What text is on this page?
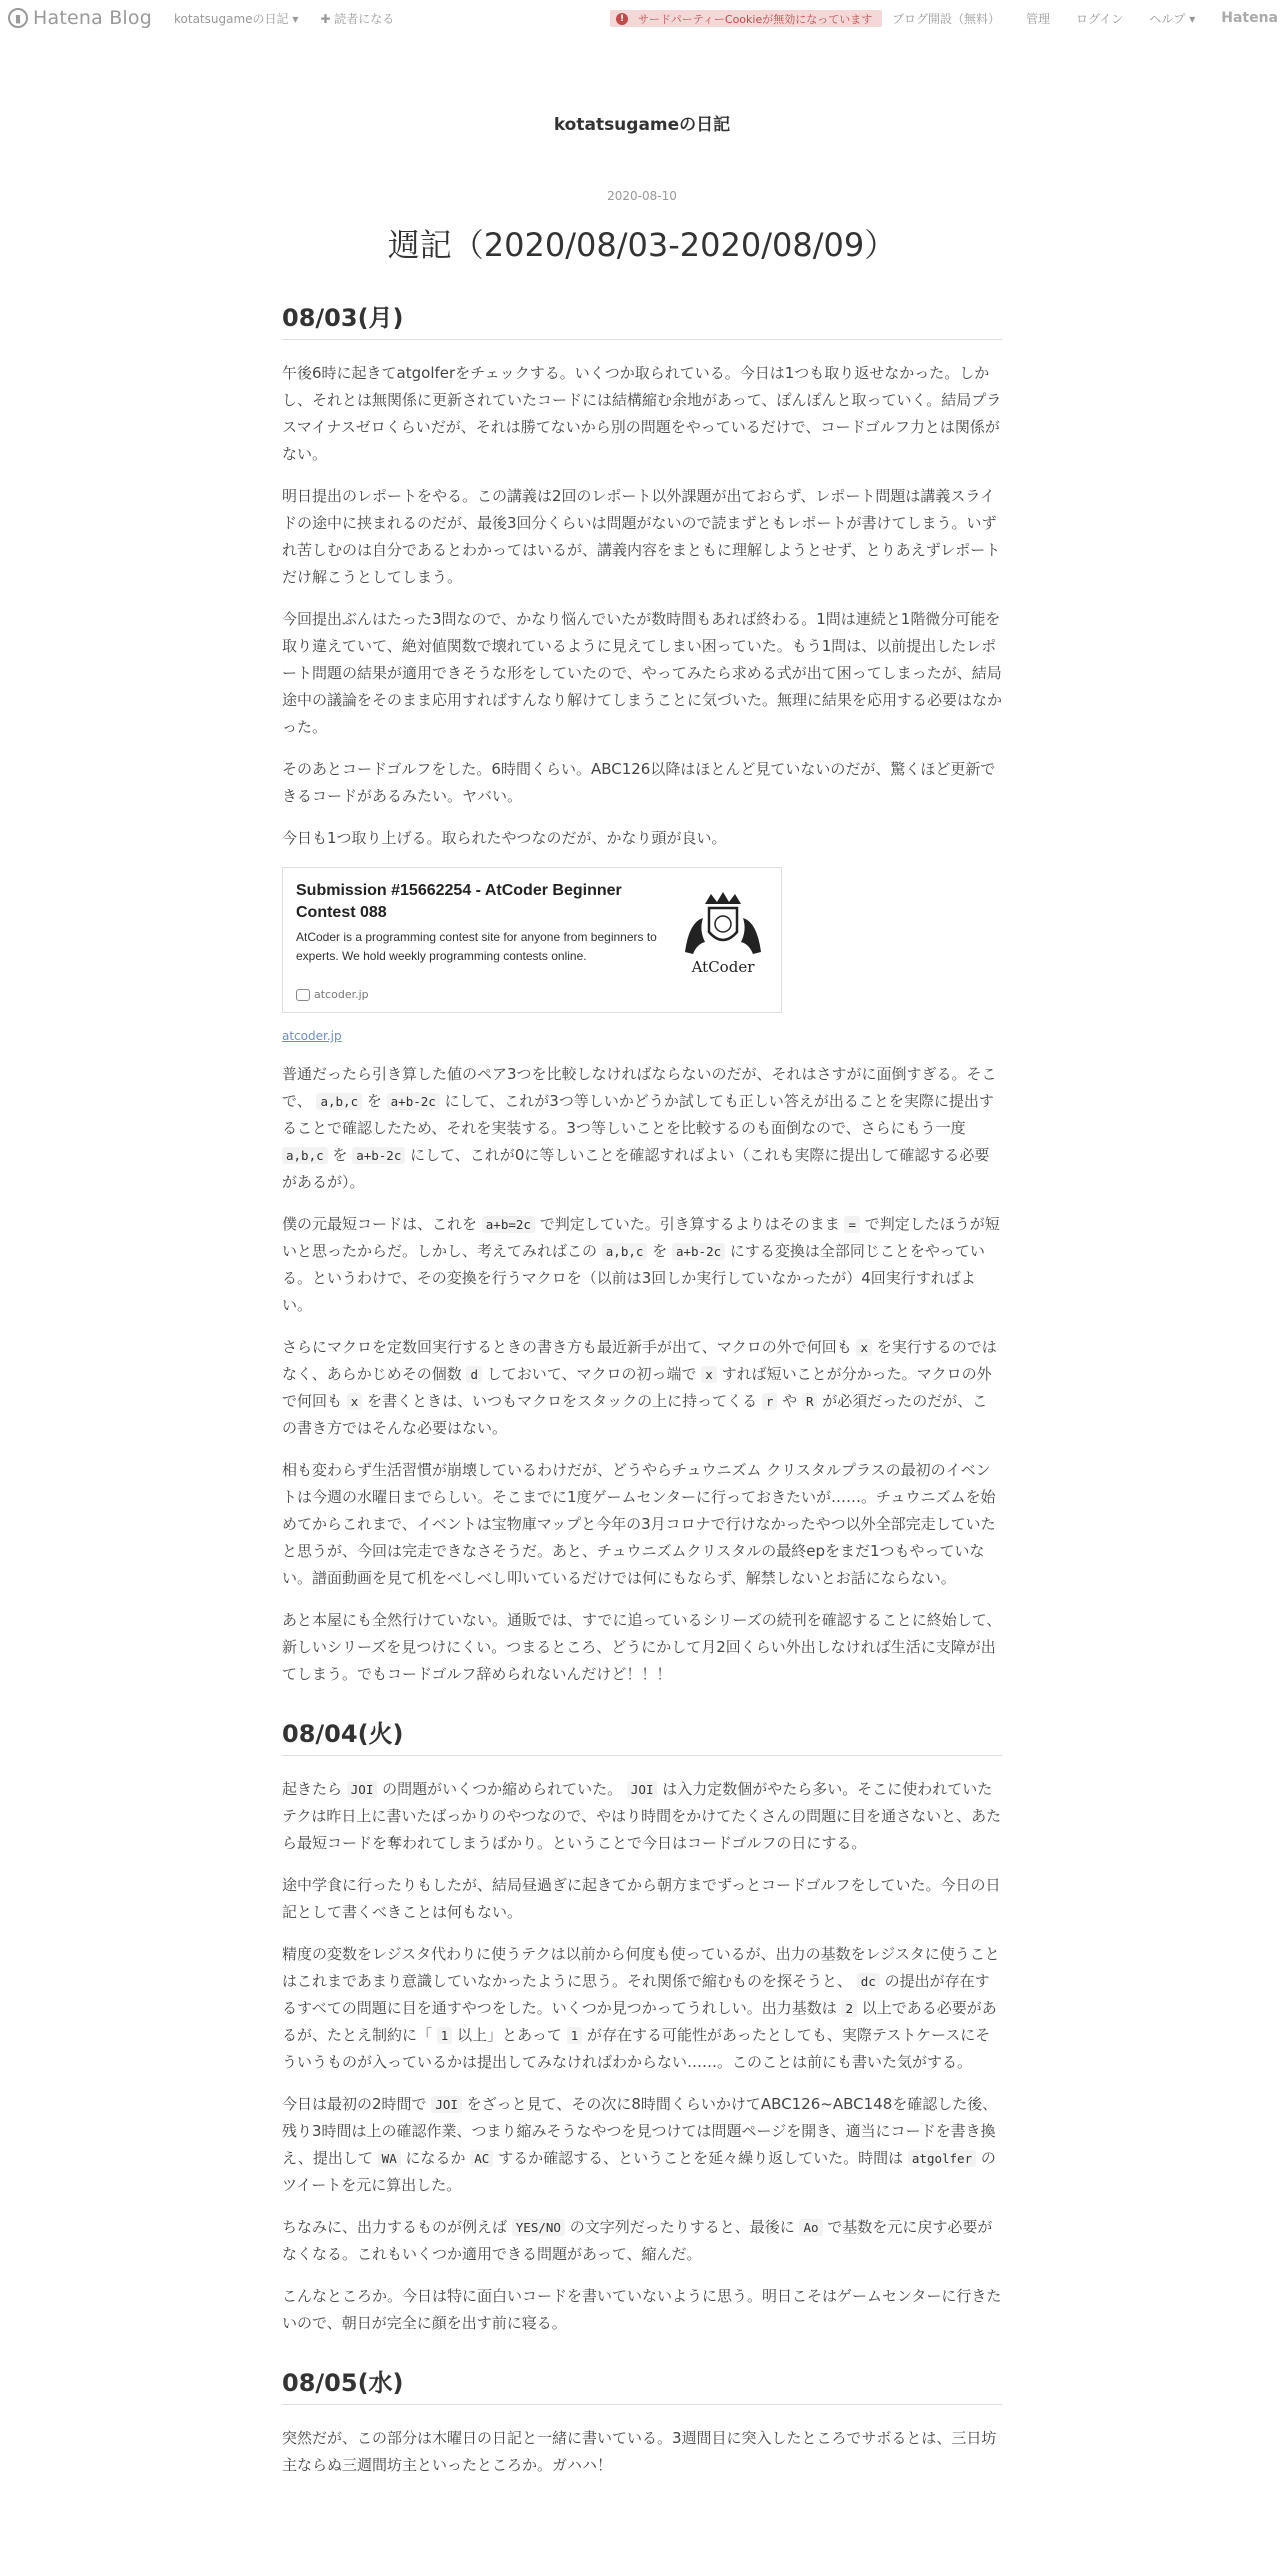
▮ Hatena Blog kotatsugameの日記 ▾ ✚ 読者になる	!	サードパーティーCookieが無効になっています ブログ開設（無料） 管理 ログイン ヘルプ ▾ Hatena
kotatsugameの日記
2020-08-10
週記（2020/08/03-2020/08/09）
08/03(月)

午後6時に起きてatgolferをチェックする。いくつか取られている。今日は1つも取り返せなかった。しかし、それとは無関係に更新されていたコードには結構縮む余地があって、ぽんぽんと取っていく。結局プラスマイナスゼロくらいだが、それは勝てないから別の問題をやっているだけで、コードゴルフ力とは関係がない。

明日提出のレポートをやる。この講義は2回のレポート以外課題が出ておらず、レポート問題は講義スライドの途中に挟まれるのだが、最後3回分くらいは問題がないので読まずともレポートが書けてしまう。いずれ苦しむのは自分であるとわかってはいるが、講義内容をまともに理解しようとせず、とりあえずレポートだけ解こうとしてしまう。

今回提出ぶんはたった3問なので、かなり悩んでいたが数時間もあれば終わる。1問は連続と1階微分可能を取り違えていて、絶対値関数で壊れているように見えてしまい困っていた。もう1問は、以前提出したレポート問題の結果が適用できそうな形をしていたので、やってみたら求める式が出て困ってしまったが、結局途中の議論をそのまま応用すればすんなり解けてしまうことに気づいた。無理に結果を応用する必要はなかった。

そのあとコードゴルフをした。6時間くらい。ABC126以降はほとんど見ていないのだが、驚くほど更新できるコードがあるみたい。ヤバい。

今日も1つ取り上げる。取られたやつなのだが、かなり頭が良い。

Submission #15662254 - AtCoder Beginner Contest 088
AtCoder is a programming contest site for anyone from beginners to experts. We hold weekly programming contests online.
atcoder.jp
AtCoder
atcoder.jp

普通だったら引き算した値のペア3つを比較しなければならないのだが、それはさすがに面倒すぎる。そこで、 a,b,c を a+b-2c にして、これが3つ等しいかどうか試しても正しい答えが出ることを実際に提出することで確認したため、それを実装する。3つ等しいことを比較するのも面倒なので、さらにもう一度 a,b,c を a+b-2c にして、これが0に等しいことを確認すればよい（これも実際に提出して確認する必要があるが）。

僕の元最短コードは、これを a+b=2c で判定していた。引き算するよりはそのまま = で判定したほうが短いと思ったからだ。しかし、考えてみればこの a,b,c を a+b-2c にする変換は全部同じことをやっている。というわけで、その変換を行うマクロを（以前は3回しか実行していなかったが）4回実行すればよい。

さらにマクロを定数回実行するときの書き方も最近新手が出て、マクロの外で何回も x を実行するのではなく、あらかじめその個数 d しておいて、マクロの初っ端で x すれば短いことが分かった。マクロの外で何回も x を書くときは、いつもマクロをスタックの上に持ってくる r や R が必須だったのだが、この書き方ではそんな必要はない。

相も変わらず生活習慣が崩壊しているわけだが、どうやらチュウニズム クリスタルプラスの最初のイベントは今週の水曜日までらしい。そこまでに1度ゲームセンターに行っておきたいが……。チュウニズムを始めてからこれまで、イベントは宝物庫マップと今年の3月コロナで行けなかったやつ以外全部完走していたと思うが、今回は完走できなさそうだ。あと、チュウニズムクリスタルの最終epをまだ1つもやっていない。譜面動画を見て机をべしべし叩いているだけでは何にもならず、解禁しないとお話にならない。

あと本屋にも全然行けていない。通販では、すでに追っているシリーズの続刊を確認することに終始して、新しいシリーズを見つけにくい。つまるところ、どうにかして月2回くらい外出しなければ生活に支障が出てしまう。でもコードゴルフ辞められないんだけど！！！

08/04(火)

起きたら JOI の問題がいくつか縮められていた。 JOI は入力定数個がやたら多い。そこに使われていたテクは昨日上に書いたばっかりのやつなので、やはり時間をかけてたくさんの問題に目を通さないと、あたら最短コードを奪われてしまうばかり。ということで今日はコードゴルフの日にする。

途中学食に行ったりもしたが、結局昼過ぎに起きてから朝方までずっとコードゴルフをしていた。今日の日記として書くべきことは何もない。

精度の変数をレジスタ代わりに使うテクは以前から何度も使っているが、出力の基数をレジスタに使うことはこれまであまり意識していなかったように思う。それ関係で縮むものを探そうと、 dc の提出が存在するすべての問題に目を通すやつをした。いくつか見つかってうれしい。出力基数は 2 以上である必要があるが、たとえ制約に「 1 以上」とあって 1 が存在する可能性があったとしても、実際テストケースにそういうものが入っているかは提出してみなければわからない……。このことは前にも書いた気がする。

今日は最初の2時間で JOI をざっと見て、その次に8時間くらいかけてABC126~ABC148を確認した後、残り3時間は上の確認作業、つまり縮みそうなやつを見つけては問題ページを開き、適当にコードを書き換え、提出して WA になるか AC するか確認する、ということを延々繰り返していた。時間は atgolfer のツイートを元に算出した。

ちなみに、出力するものが例えば YES/NO の文字列だったりすると、最後に Ao で基数を元に戻す必要がなくなる。これもいくつか適用できる問題があって、縮んだ。

こんなところか。今日は特に面白いコードを書いていないように思う。明日こそはゲームセンターに行きたいので、朝日が完全に顔を出す前に寝る。

08/05(水)

突然だが、この部分は木曜日の日記と一緒に書いている。3週間目に突入したところでサボるとは、三日坊主ならぬ三週間坊主といったところか。ガハハ！
